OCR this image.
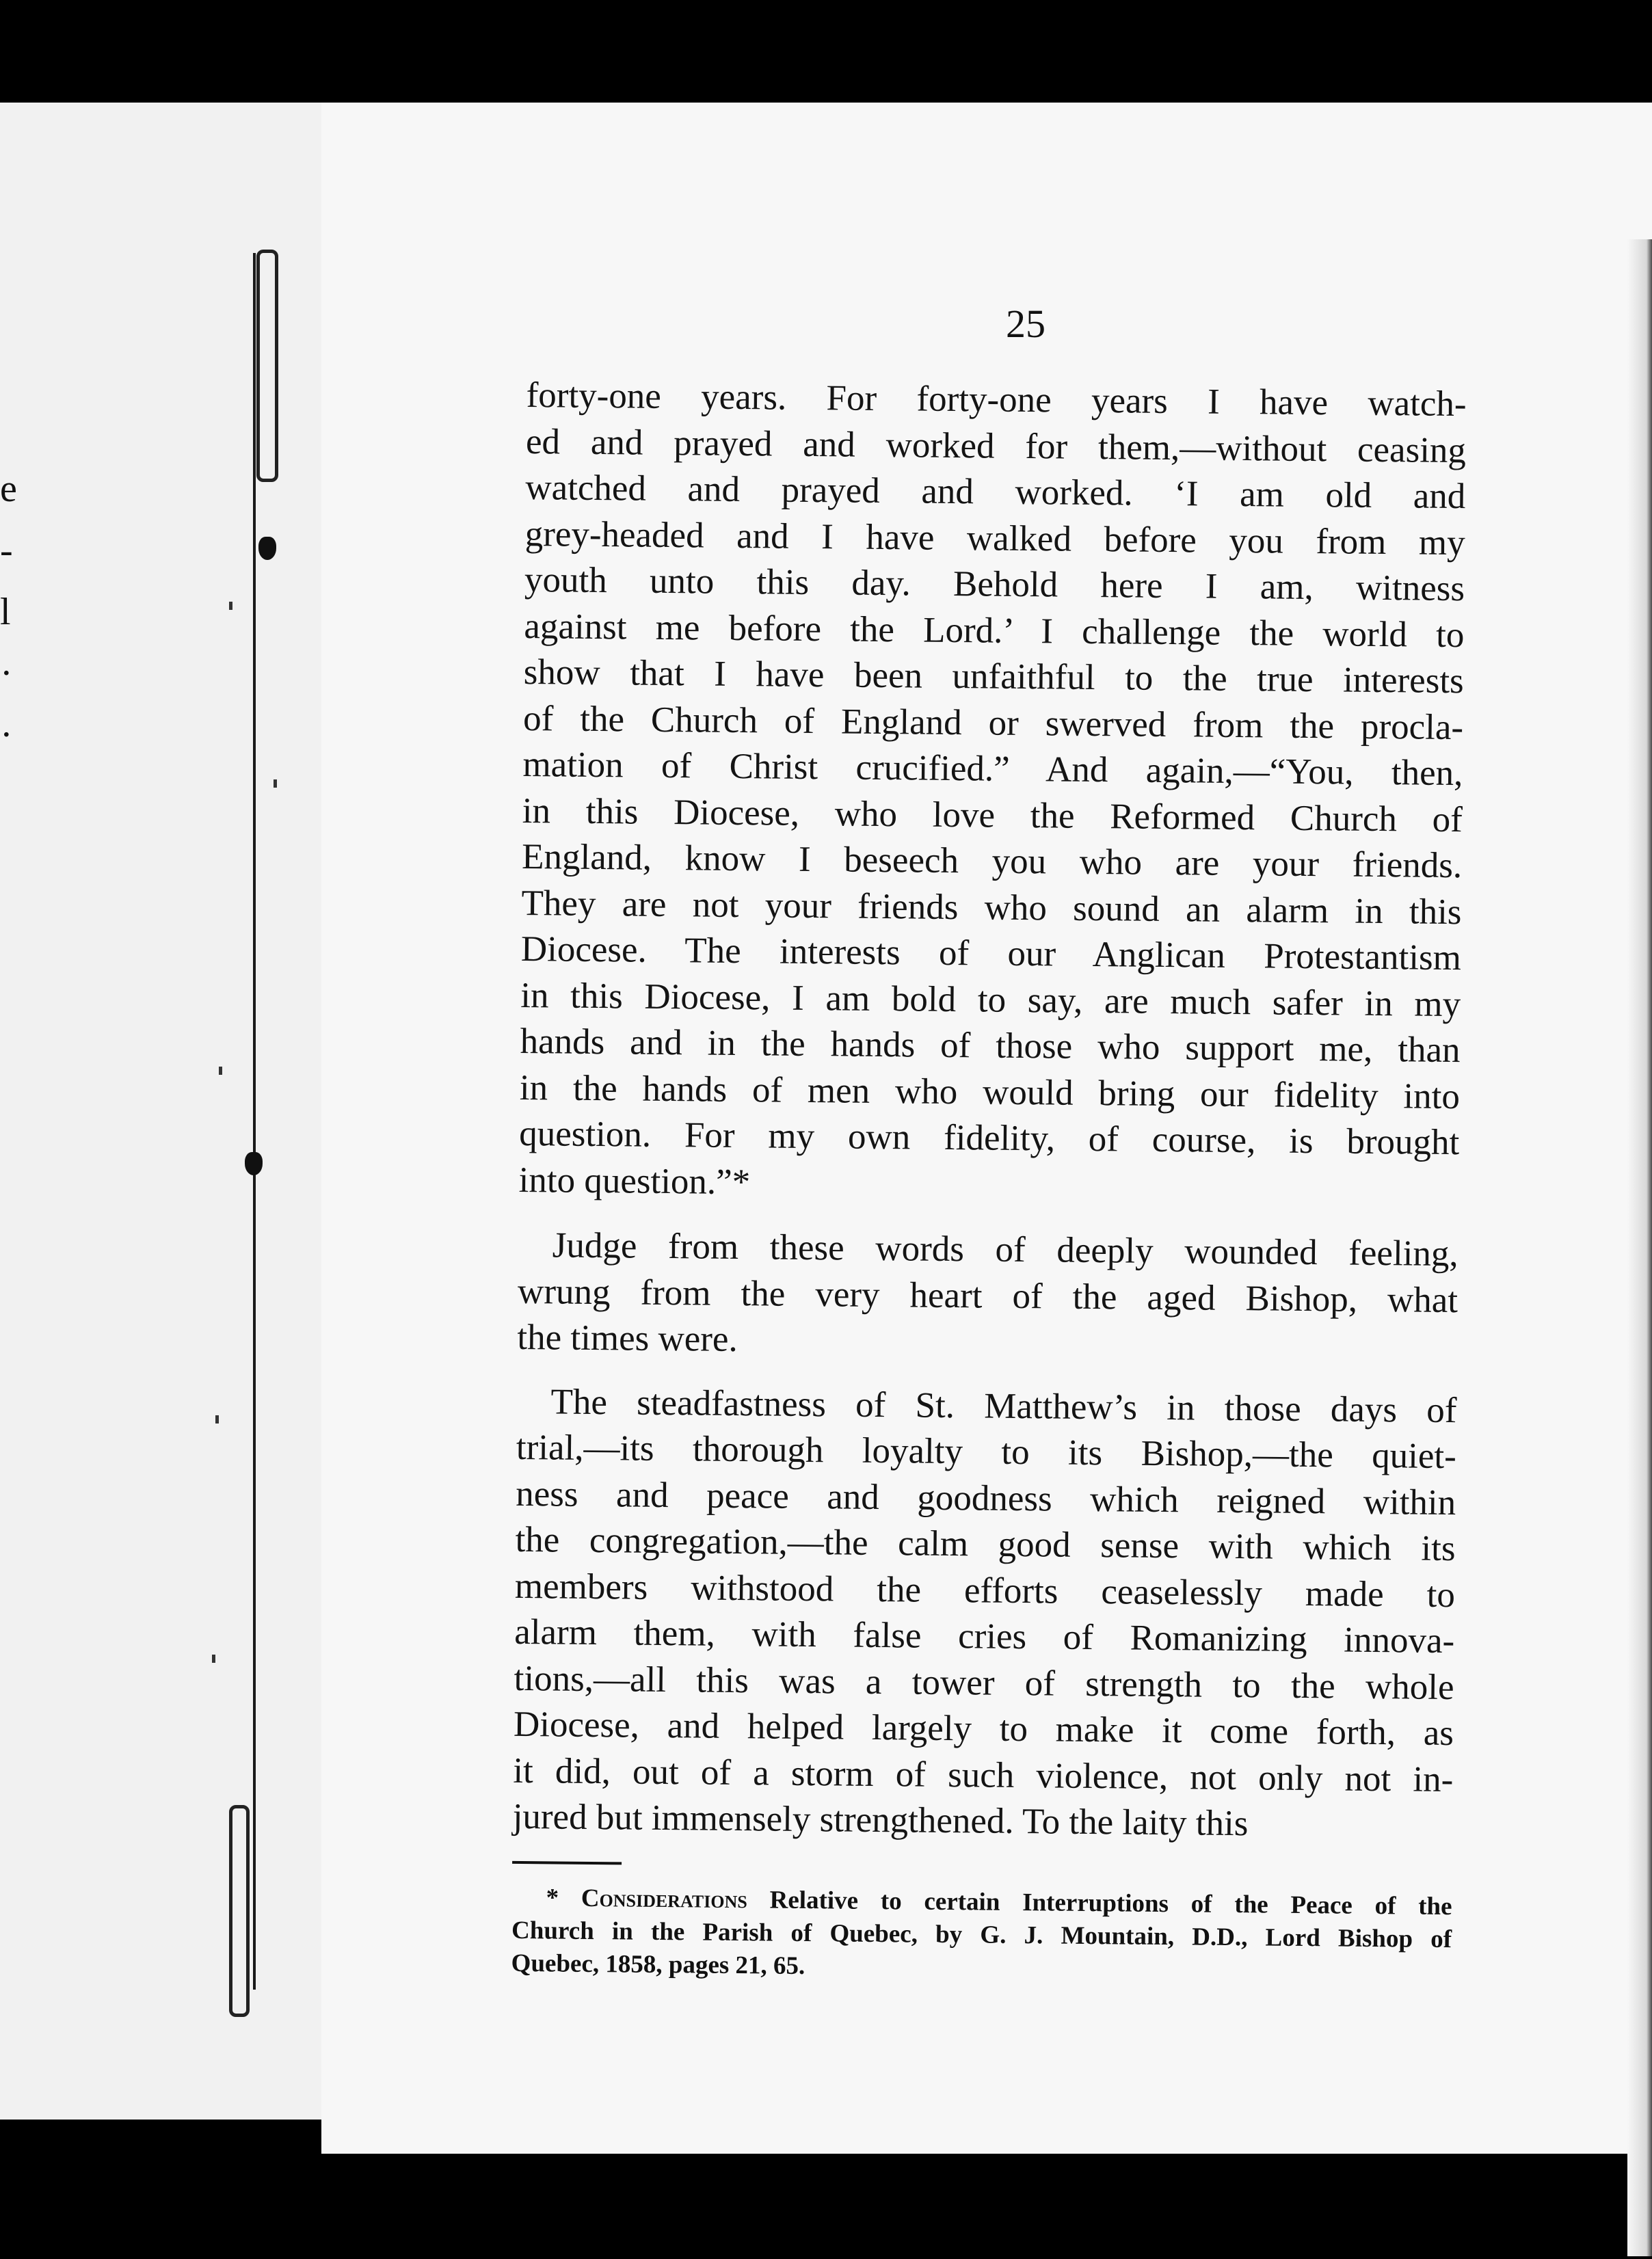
e
-
l
·
·
25

forty-one years. For forty-one years I have watch-
ed and prayed and worked for them,—without ceasing
watched and prayed and worked. ‘I am old and
grey-headed and I have walked before you from my
youth unto this day. Behold here I am, witness
against me before the Lord.’ I challenge the world to
show that I have been unfaithful to the true interests
of the Church of England or swerved from the procla-
mation of Christ crucified.” And again,—“You, then,
in this Diocese, who love the Reformed Church of
England, know I beseech you who are your friends.
They are not your friends who sound an alarm in this
Diocese. The interests of our Anglican Protestantism
in this Diocese, I am bold to say, are much safer in my
hands and in the hands of those who support me, than
in the hands of men who would bring our fidelity into
question. For my own fidelity, of course, is brought
into question.”*

Judge from these words of deeply wounded feeling,
wrung from the very heart of the aged Bishop, what
the times were.

The steadfastness of St. Matthew’s in those days of
trial,—its thorough loyalty to its Bishop,—the quiet-
ness and peace and goodness which reigned within
the congregation,—the calm good sense with which its
members withstood the efforts ceaselessly made to
alarm them, with false cries of Romanizing innova-
tions,—all this was a tower of strength to the whole
Diocese, and helped largely to make it come forth, as
it did, out of a storm of such violence, not only not in-
jured but immensely strengthened. To the laity this

* Considerations Relative to certain Interruptions of the Peace of the
Church in the Parish of Quebec, by G. J. Mountain, D.D., Lord Bishop of
Quebec, 1858, pages 21, 65.
